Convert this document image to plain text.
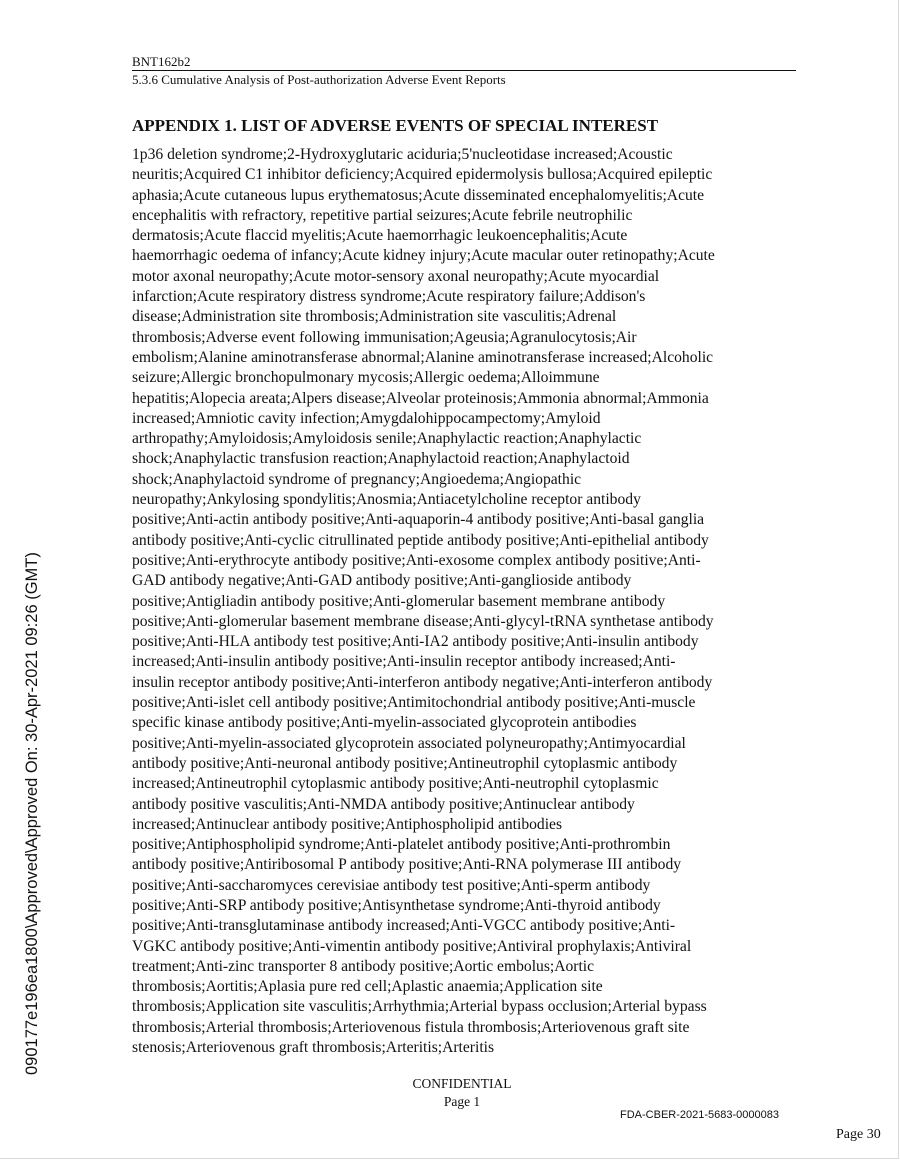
BNT162b2
5.3.6 Cumulative Analysis of Post-authorization Adverse Event Reports
APPENDIX 1. LIST OF ADVERSE EVENTS OF SPECIAL INTEREST
1p36 deletion syndrome;2-Hydroxyglutaric aciduria;5'nucleotidase increased;Acoustic
neuritis;Acquired C1 inhibitor deficiency;Acquired epidermolysis bullosa;Acquired epileptic
aphasia;Acute cutaneous lupus erythematosus;Acute disseminated encephalomyelitis;Acute
encephalitis with refractory, repetitive partial seizures;Acute febrile neutrophilic
dermatosis;Acute flaccid myelitis;Acute haemorrhagic leukoencephalitis;Acute
haemorrhagic oedema of infancy;Acute kidney injury;Acute macular outer retinopathy;Acute
motor axonal neuropathy;Acute motor-sensory axonal neuropathy;Acute myocardial
infarction;Acute respiratory distress syndrome;Acute respiratory failure;Addison's
disease;Administration site thrombosis;Administration site vasculitis;Adrenal
thrombosis;Adverse event following immunisation;Ageusia;Agranulocytosis;Air
embolism;Alanine aminotransferase abnormal;Alanine aminotransferase increased;Alcoholic
seizure;Allergic bronchopulmonary mycosis;Allergic oedema;Alloimmune
hepatitis;Alopecia areata;Alpers disease;Alveolar proteinosis;Ammonia abnormal;Ammonia
increased;Amniotic cavity infection;Amygdalohippocampectomy;Amyloid
arthropathy;Amyloidosis;Amyloidosis senile;Anaphylactic reaction;Anaphylactic
shock;Anaphylactic transfusion reaction;Anaphylactoid reaction;Anaphylactoid
shock;Anaphylactoid syndrome of pregnancy;Angioedema;Angiopathic
neuropathy;Ankylosing spondylitis;Anosmia;Antiacetylcholine receptor antibody
positive;Anti-actin antibody positive;Anti-aquaporin-4 antibody positive;Anti-basal ganglia
antibody positive;Anti-cyclic citrullinated peptide antibody positive;Anti-epithelial antibody
positive;Anti-erythrocyte antibody positive;Anti-exosome complex antibody positive;Anti-
GAD antibody negative;Anti-GAD antibody positive;Anti-ganglioside antibody
positive;Antigliadin antibody positive;Anti-glomerular basement membrane antibody
positive;Anti-glomerular basement membrane disease;Anti-glycyl-tRNA synthetase antibody
positive;Anti-HLA antibody test positive;Anti-IA2 antibody positive;Anti-insulin antibody
increased;Anti-insulin antibody positive;Anti-insulin receptor antibody increased;Anti-
insulin receptor antibody positive;Anti-interferon antibody negative;Anti-interferon antibody
positive;Anti-islet cell antibody positive;Antimitochondrial antibody positive;Anti-muscle
specific kinase antibody positive;Anti-myelin-associated glycoprotein antibodies
positive;Anti-myelin-associated glycoprotein associated polyneuropathy;Antimyocardial
antibody positive;Anti-neuronal antibody positive;Antineutrophil cytoplasmic antibody
increased;Antineutrophil cytoplasmic antibody positive;Anti-neutrophil cytoplasmic
antibody positive vasculitis;Anti-NMDA antibody positive;Antinuclear antibody
increased;Antinuclear antibody positive;Antiphospholipid antibodies
positive;Antiphospholipid syndrome;Anti-platelet antibody positive;Anti-prothrombin
antibody positive;Antiribosomal P antibody positive;Anti-RNA polymerase III antibody
positive;Anti-saccharomyces cerevisiae antibody test positive;Anti-sperm antibody
positive;Anti-SRP antibody positive;Antisynthetase syndrome;Anti-thyroid antibody
positive;Anti-transglutaminase antibody increased;Anti-VGCC antibody positive;Anti-
VGKC antibody positive;Anti-vimentin antibody positive;Antiviral prophylaxis;Antiviral
treatment;Anti-zinc transporter 8 antibody positive;Aortic embolus;Aortic
thrombosis;Aortitis;Aplasia pure red cell;Aplastic anaemia;Application site
thrombosis;Application site vasculitis;Arrhythmia;Arterial bypass occlusion;Arterial bypass
thrombosis;Arterial thrombosis;Arteriovenous fistula thrombosis;Arteriovenous graft site
stenosis;Arteriovenous graft thrombosis;Arteritis;Arteritis
CONFIDENTIAL
Page 1
FDA-CBER-2021-5683-0000083
Page 30
090177e196ea1800\Approved\Approved On: 30-Apr-2021 09:26 (GMT)
